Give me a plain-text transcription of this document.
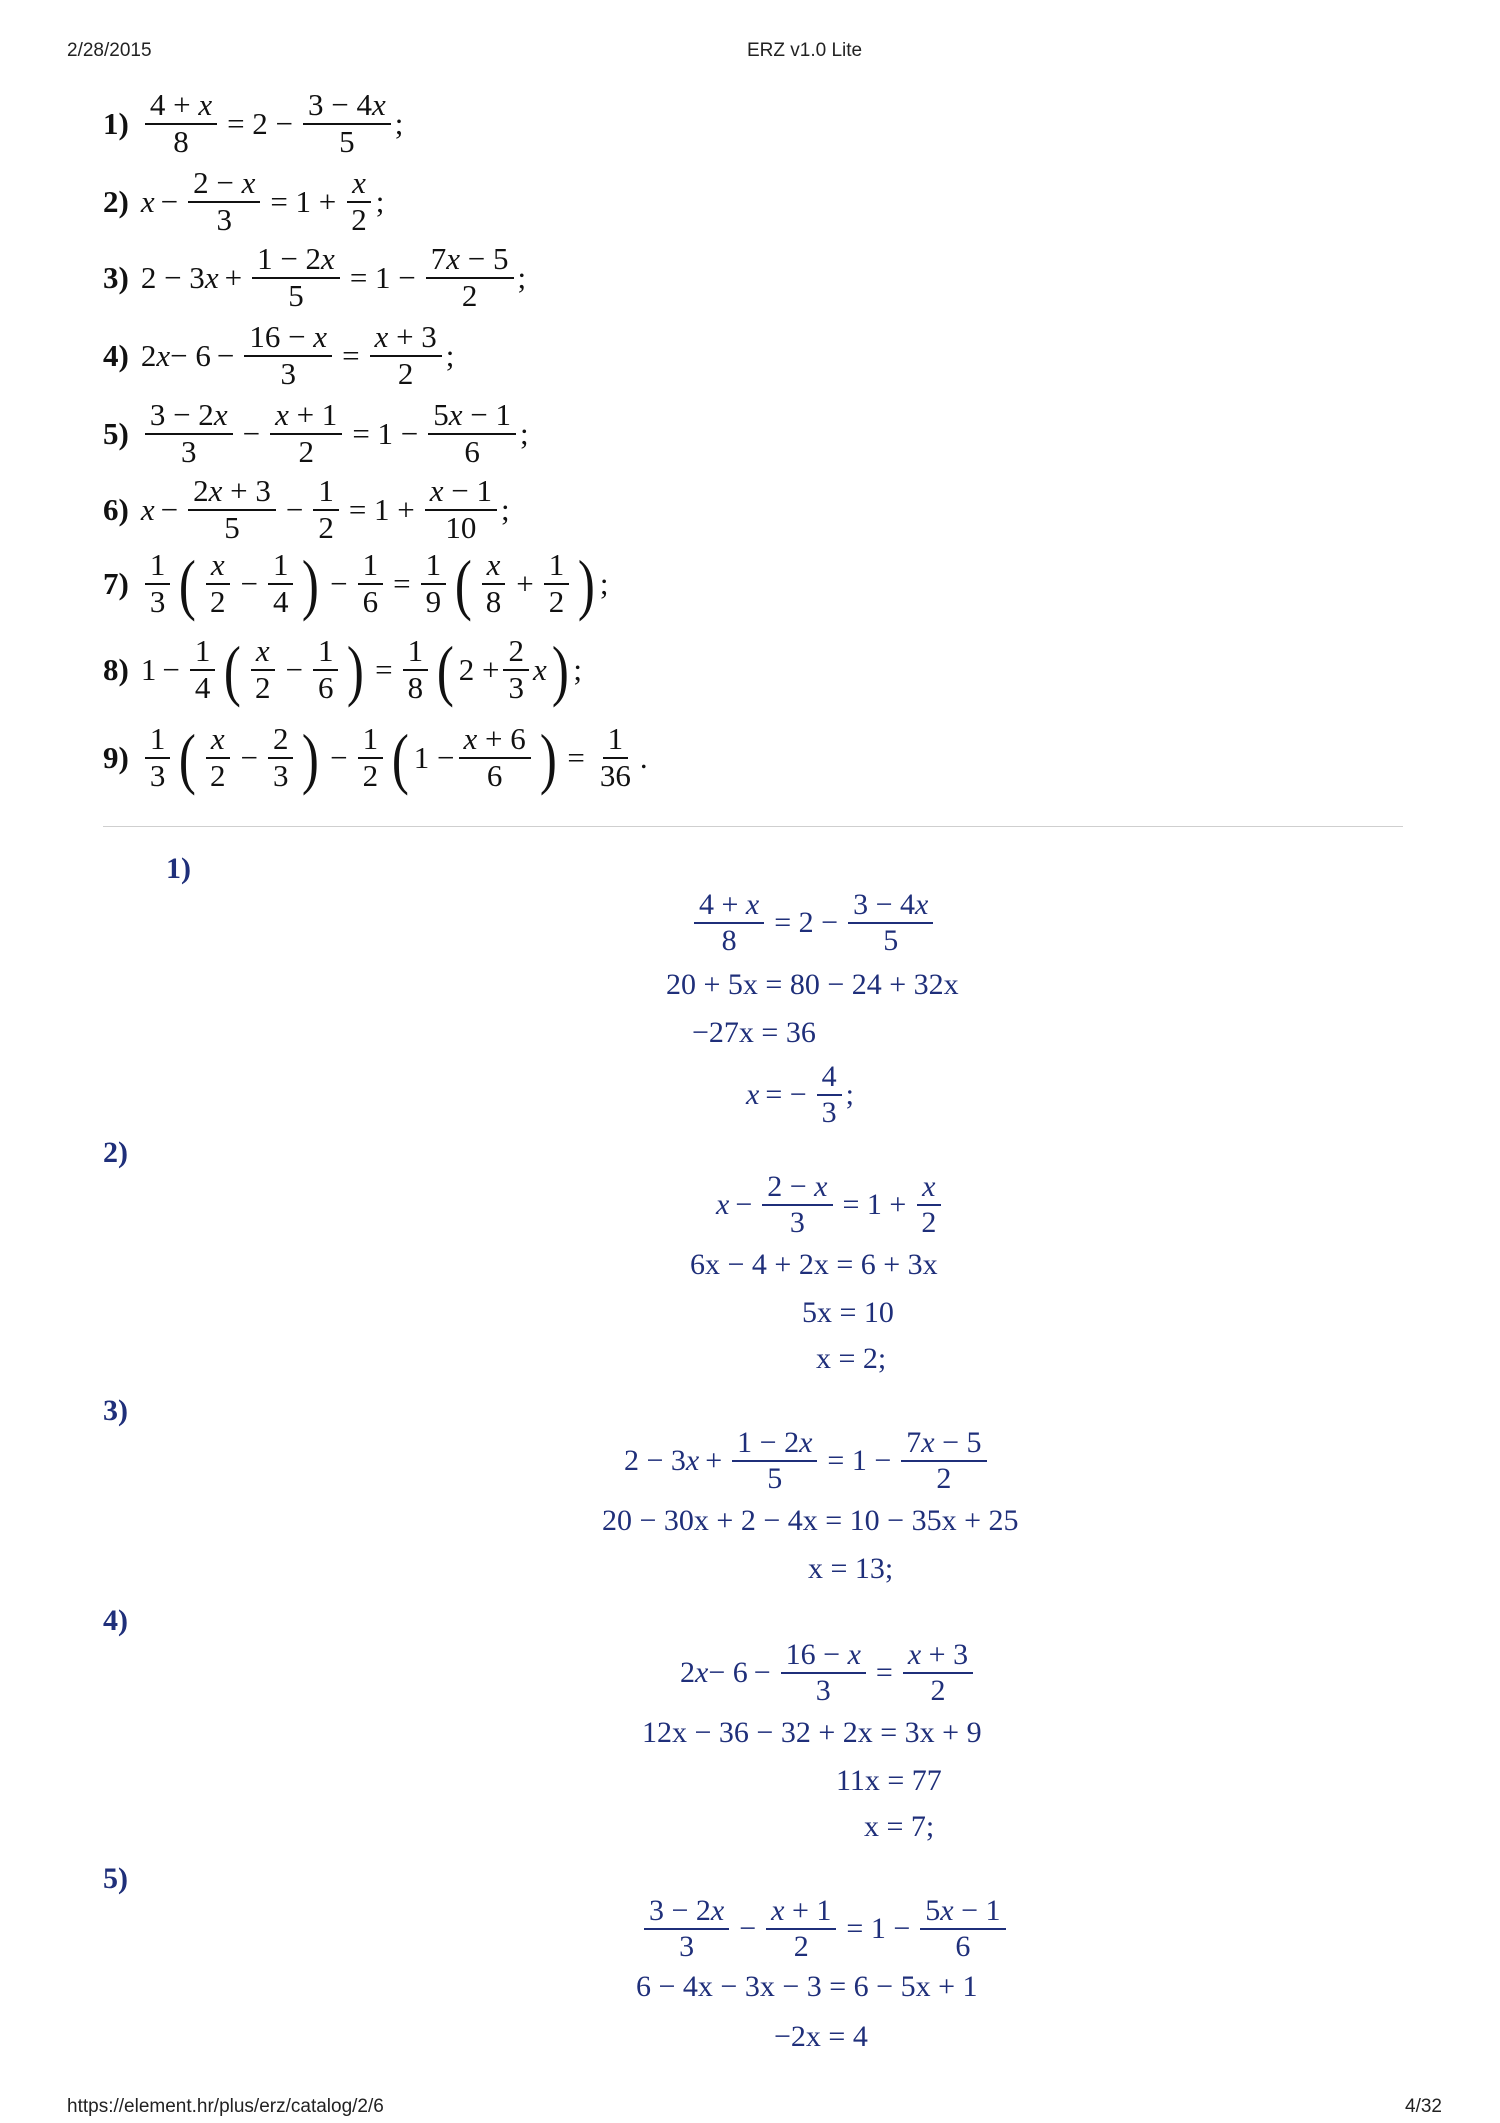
2/28/2015	ERZ v1.0 Lite
https://element.hr/plus/erz/catalog/2/6	4/32
$1) \frac{4 + x}{8} = 2 - \frac{3 - 4x}{5}$ ;
2) $x - \frac{2 - x}{3} = 1 + \frac{x}{2}$ ;
3) 2 − 3 $x + \frac{1 - 2x}{5} = 1 - \frac{7x - 5}{2}$ ;
4) 2 $x - 6 - \frac{16 - x}{3} = \frac{x + 3}{2}$ ;
$5) \frac{3 - 2x}{3} - \frac{x + 1}{2} = 1 - \frac{5x - 1}{6}$ ;
6) $x - \frac{2x + 3}{5} - \frac{1}{2} = 1 + \frac{x - 1}{10}$ ;
$7) \frac{1}{3}$ ( $\frac{x}{2} - \frac{1}{4}$ ) − $\frac{1}{6} = \frac{1}{9}$ ( $\frac{x}{8} + \frac{1}{2}$ ) ;
8) $1 - \frac{1}{4}$ ( $\frac{x}{2} - \frac{1}{6}$ ) = $\frac{1}{8}$ ( $2 + \frac{2}{3}$ x ) ;
$9) \frac{1}{3}$ ( $\frac{x}{2} - \frac{2}{3}$ ) − $\frac{1}{2}$ ( $1 - \frac{x + 6}{6}$ ) = $\frac{1}{36}$ .
1)
$\frac{4 + x}{8} = 2 - \frac{3 - 4x}{5}$
20 + 5x = 80 − 24 + 32x
−27x = 36
x = − $\frac{4}{3}$ ;
2)
$x - \frac{2 - x}{3} = 1 + \frac{x}{2}$
6x − 4 + 2x = 6 + 3x
5x = 10
x = 2;
3)
2 − 3 $x + \frac{1 - 2x}{5} = 1 - \frac{7x - 5}{2}$
20 − 30x + 2 − 4x = 10 − 35x + 25
x = 13;
4)
2 $x - 6 - \frac{16 - x}{3} = \frac{x + 3}{2}$
12x − 36 − 32 + 2x = 3x + 9
11x = 77
x = 7;
5)
$\frac{3 - 2x}{3} - \frac{x + 1}{2} = 1 - \frac{5x - 1}{6}$
6 − 4x − 3x − 3 = 6 − 5x + 1
−2x = 4
